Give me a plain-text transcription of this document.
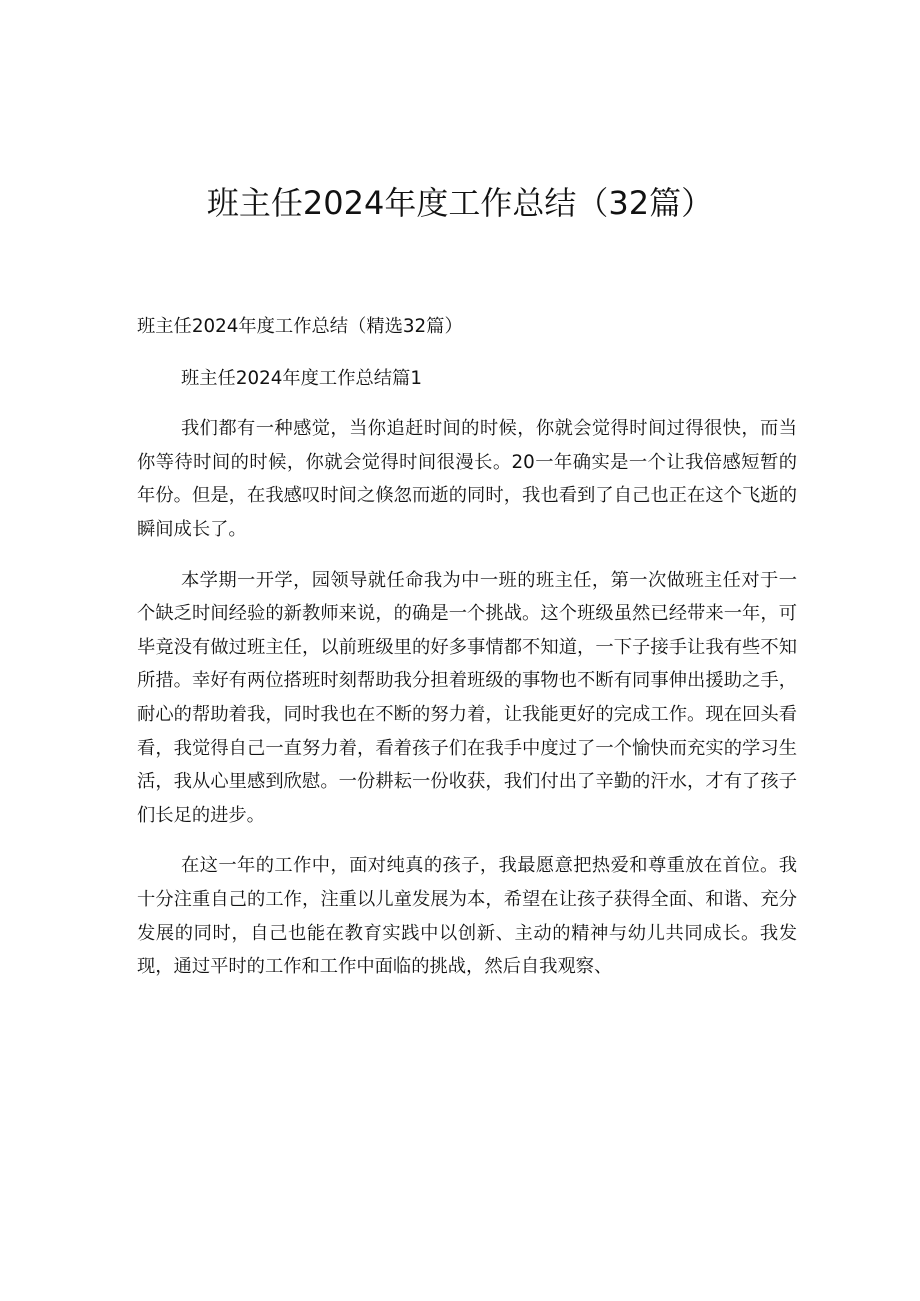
班主任2024年度工作总结（32篇）

班主任2024年度工作总结（精选32篇）

班主任2024年度工作总结篇1

我们都有一种感觉，当你追赶时间的时候，你就会觉得时间过得很快，而当你等待时间的时候，你就会觉得时间很漫长。20一年确实是一个让我倍感短暂的年份。但是，在我感叹时间之倏忽而逝的同时，我也看到了自己也正在这个飞逝的瞬间成长了。

本学期一开学，园领导就任命我为中一班的班主任，第一次做班主任对于一个缺乏时间经验的新教师来说，的确是一个挑战。这个班级虽然已经带来一年，可毕竟没有做过班主任，以前班级里的好多事情都不知道，一下子接手让我有些不知所措。幸好有两位搭班时刻帮助我分担着班级的事物也不断有同事伸出援助之手，耐心的帮助着我，同时我也在不断的努力着，让我能更好的完成工作。现在回头看看，我觉得自己一直努力着，看着孩子们在我手中度过了一个愉快而充实的学习生活，我从心里感到欣慰。一份耕耘一份收获，我们付出了辛勤的汗水，才有了孩子们长足的进步。

在这一年的工作中，面对纯真的孩子，我最愿意把热爱和尊重放在首位。我十分注重自己的工作，注重以儿童发展为本，希望在让孩子获得全面、和谐、充分发展的同时，自己也能在教育实践中以创新、主动的精神与幼儿共同成长。我发现，通过平时的工作和工作中面临的挑战，然后自我观察、
